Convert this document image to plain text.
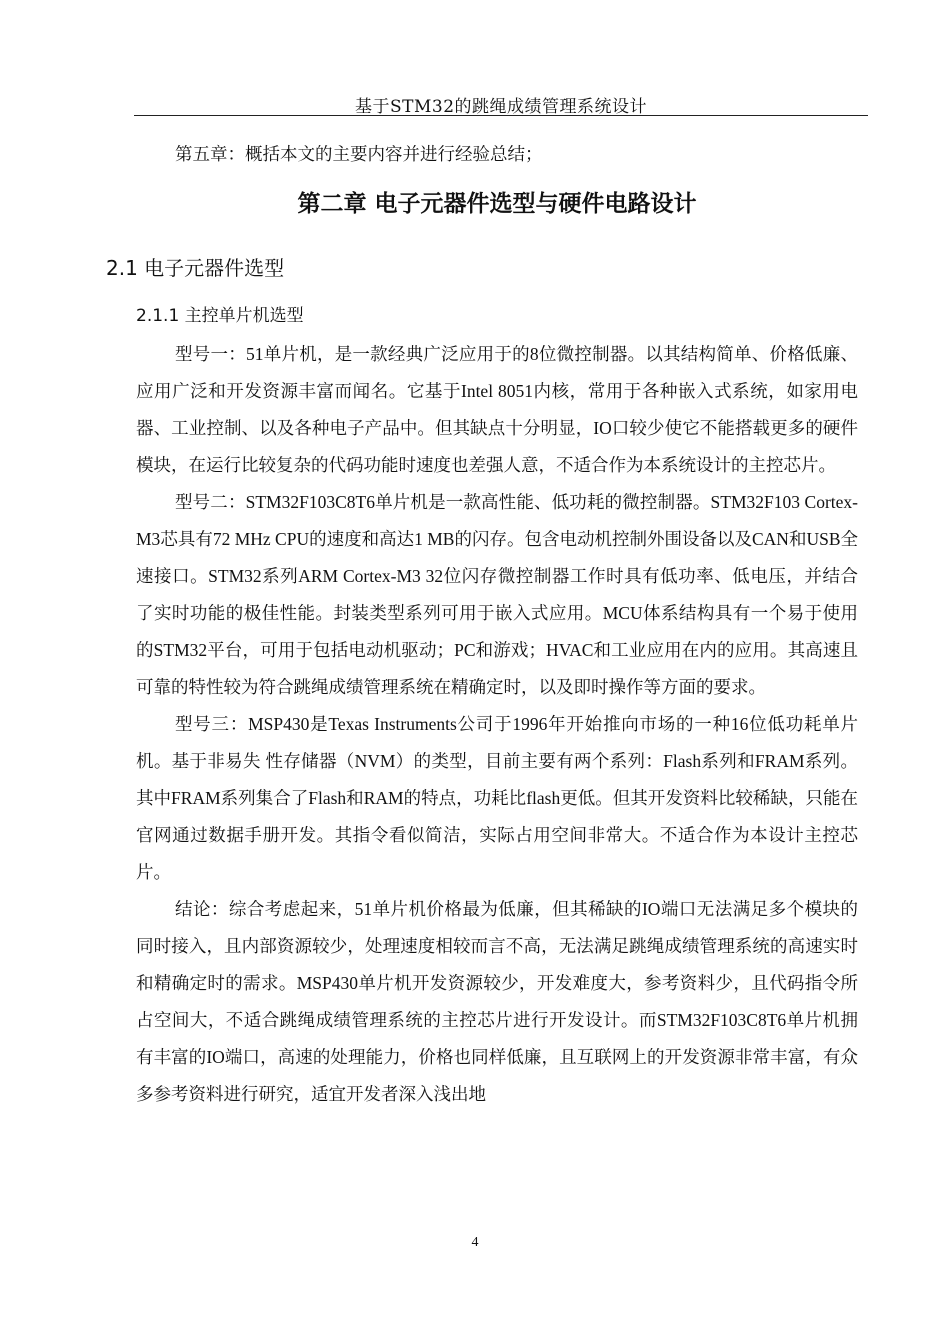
基于STM32的跳绳成绩管理系统设计
第五章：概括本文的主要内容并进行经验总结；
第二章 电子元器件选型与硬件电路设计
2.1 电子元器件选型
2.1.1 主控单片机选型

型号一：51单片机，是一款经典广泛应用于的8位微控制器。以其结构简单、价格低廉、应用广泛和开发资源丰富而闻名。它基于Intel 8051内核，常用于各种嵌入式系统，如家用电器、工业控制、以及各种电子产品中。但其缺点十分明显，IO口较少使它不能搭载更多的硬件模块，在运行比较复杂的代码功能时速度也差强人意，不适合作为本系统设计的主控芯片。

型号二：STM32F103C8T6单片机是一款高性能、低功耗的微控制器。STM32F103 Cortex-M3芯具有72 MHz CPU的速度和高达1 MB的闪存。包含电动机控制外围设备以及CAN和USB全速接口。STM32系列ARM Cortex-M3 32位闪存微控制器工作时具有低功率、低电压，并结合了实时功能的极佳性能。封装类型系列可用于嵌入式应用。MCU体系结构具有一个易于使用的STM32平台，可用于包括电动机驱动；PC和游戏；HVAC和工业应用在内的应用。其高速且可靠的特性较为符合跳绳成绩管理系统在精确定时，以及即时操作等方面的要求。

型号三：MSP430是Texas Instruments公司于1996年开始推向市场的一种16位低功耗单片机。基于非易失 性存储器（NVM）的类型，目前主要有两个系列：Flash系列和FRAM系列。其中FRAM系列集合了Flash和RAM的特点，功耗比flash更低。但其开发资料比较稀缺，只能在官网通过数据手册开发。其指令看似简洁，实际占用空间非常大。不适合作为本设计主控芯片。

结论：综合考虑起来，51单片机价格最为低廉，但其稀缺的IO端口无法满足多个模块的同时接入，且内部资源较少，处理速度相较而言不高，无法满足跳绳成绩管理系统的高速实时和精确定时的需求。MSP430单片机开发资源较少，开发难度大，参考资料少，且代码指令所占空间大，不适合跳绳成绩管理系统的主控芯片进行开发设计。而STM32F103C8T6单片机拥有丰富的IO端口，高速的处理能力，价格也同样低廉，且互联网上的开发资源非常丰富，有众多参考资料进行研究，适宜开发者深入浅出地

4
